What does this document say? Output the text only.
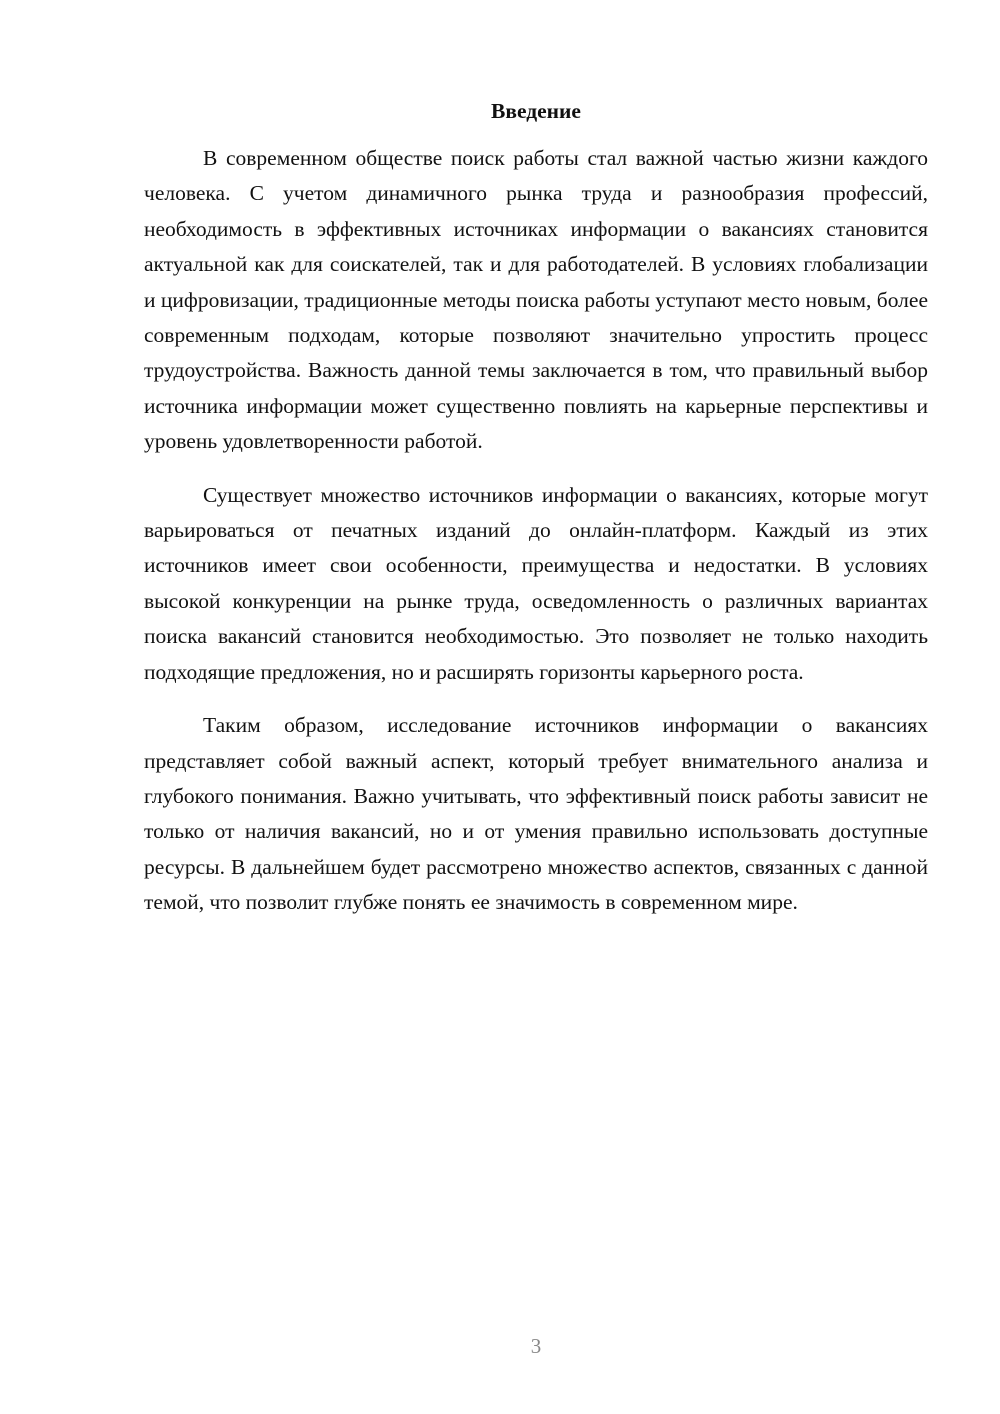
Введение

В современном обществе поиск работы стал важной частью жизни каждого человека. С учетом динамичного рынка труда и разнообразия профессий, необходимость в эффективных источниках информации о вакансиях становится актуальной как для соискателей, так и для работодателей. В условиях глобализации и цифровизации, традиционные методы поиска работы уступают место новым, более современным подходам, которые позволяют значительно упростить процесс трудоустройства. Важность данной темы заключается в том, что правильный выбор источника информации может существенно повлиять на карьерные перспективы и уровень удовлетворенности работой.

Существует множество источников информации о вакансиях, которые могут варьироваться от печатных изданий до онлайн-платформ. Каждый из этих источников имеет свои особенности, преимущества и недостатки. В условиях высокой конкуренции на рынке труда, осведомленность о различных вариантах поиска вакансий становится необходимостью. Это позволяет не только находить подходящие предложения, но и расширять горизонты карьерного роста.

Таким образом, исследование источников информации о вакансиях представляет собой важный аспект, который требует внимательного анализа и глубокого понимания. Важно учитывать, что эффективный поиск работы зависит не только от наличия вакансий, но и от умения правильно использовать доступные ресурсы. В дальнейшем будет рассмотрено множество аспектов, связанных с данной темой, что позволит глубже понять ее значимость в современном мире.

3
